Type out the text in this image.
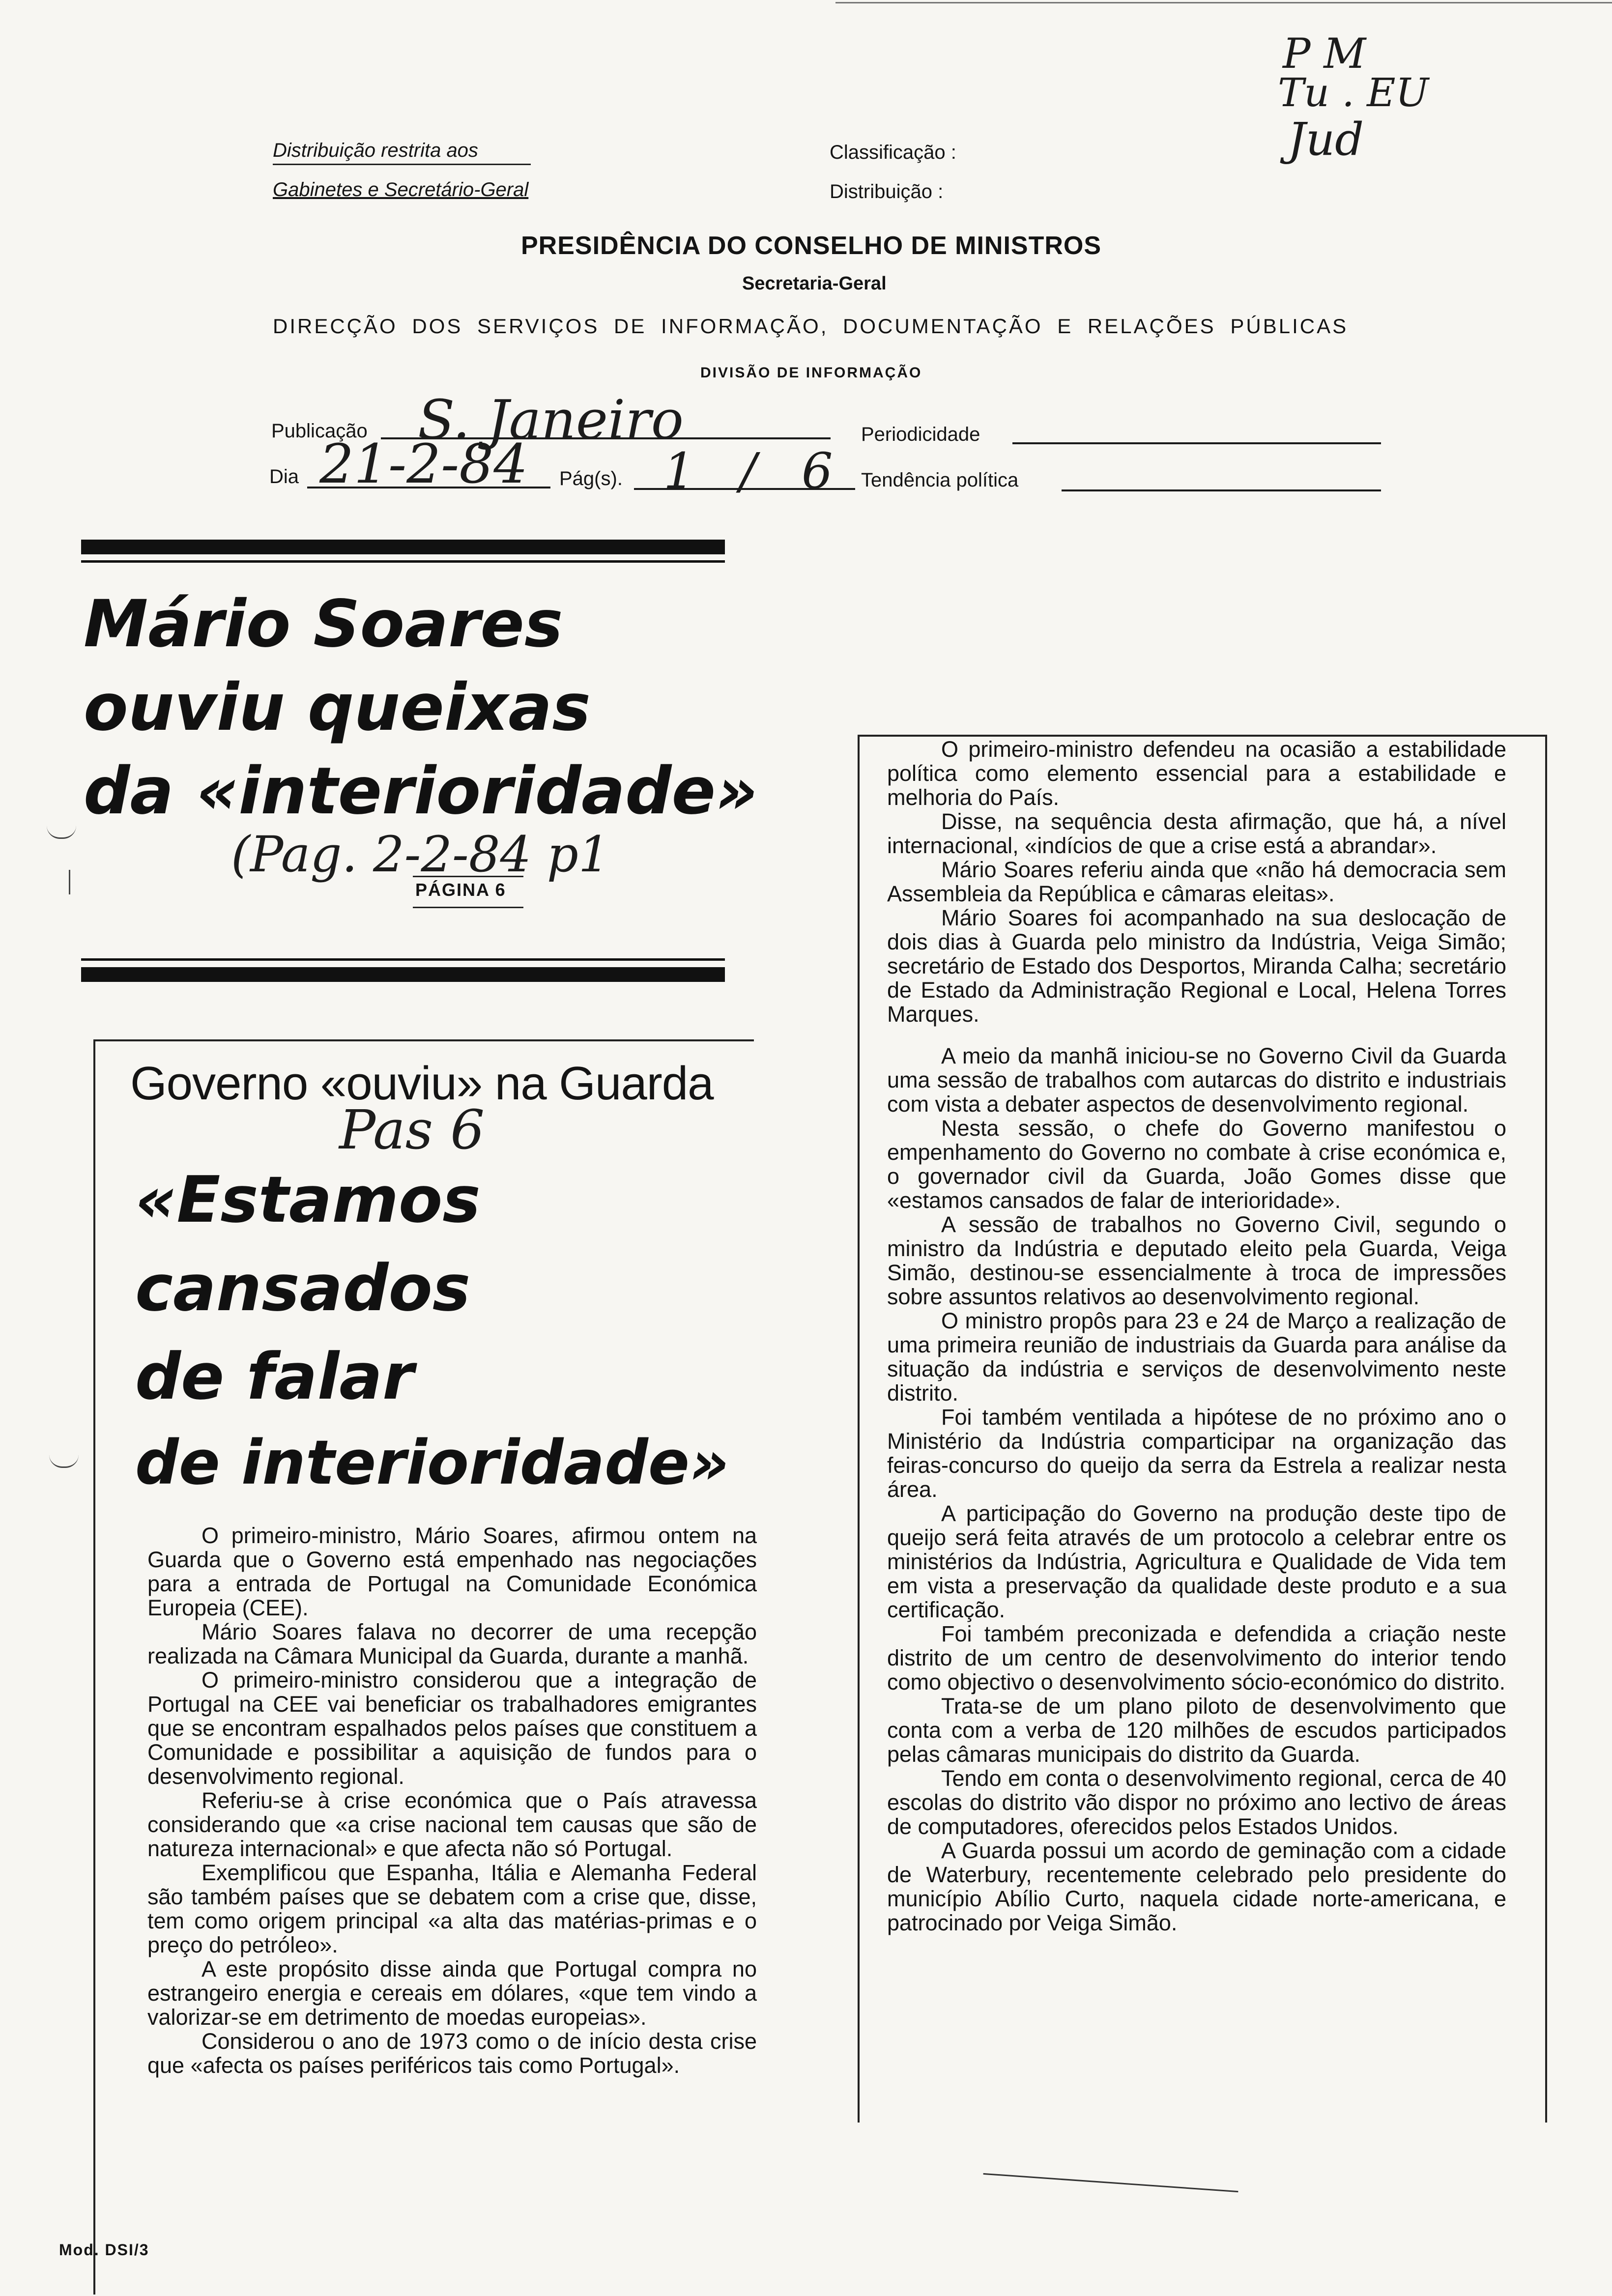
P M
Tu . EU
Jud
Distribuição restrita aos
Gabinetes e Secretário-Geral
Classificação :
Distribuição :
PRESIDÊNCIA DO CONSELHO DE MINISTROS
Secretaria-Geral
DIRECÇÃO DOS SERVIÇOS DE INFORMAÇÃO, DOCUMENTAÇÃO E RELAÇÕES PÚBLICAS
DIVISÃO DE INFORMAÇÃO
Publicação S. Janeiro	Periodicidade
Dia 21-2-84 Pág(s). 1 / 6 Tendência política
Mário Soares
ouviu queixas
da «interioridade»
(Pag. 2-2-84 p1
PÁGINA 6
Governo «ouviu» na Guarda
Pas 6
«Estamos
cansados
de falar
de interioridade»

O primeiro-ministro, Mário Soares, afirmou ontem na Guarda que o Governo está empenhado nas negociações para a entrada de Portugal na Comunidade Económica Europeia (CEE).

Mário Soares falava no decorrer de uma recepção realizada na Câmara Municipal da Guarda, durante a manhã.

O primeiro-ministro considerou que a integração de Portugal na CEE vai beneficiar os trabalhadores emigrantes que se encontram espalhados pelos países que constituem a Comunidade e possibilitar a aquisição de fundos para o desenvolvimento regional.

Referiu-se à crise económica que o País atravessa considerando que «a crise nacional tem causas que são de natureza internacional» e que afecta não só Portugal.

Exemplificou que Espanha, Itália e Alemanha Federal são também países que se debatem com a crise que, disse, tem como origem principal «a alta das matérias-primas e o preço do petróleo».

A este propósito disse ainda que Portugal compra no estrangeiro energia e cereais em dólares, «que tem vindo a valorizar-se em detrimento de moedas europeias».

Considerou o ano de 1973 como o de início desta crise que «afecta os países periféricos tais como Portugal».

O primeiro-ministro defendeu na ocasião a estabilidade política como elemento essencial para a estabilidade e melhoria do País.

Disse, na sequência desta afirmação, que há, a nível internacional, «indícios de que a crise está a abrandar».

Mário Soares referiu ainda que «não há democracia sem Assembleia da República e câmaras eleitas».

Mário Soares foi acompanhado na sua deslocação de dois dias à Guarda pelo ministro da Indústria, Veiga Simão; secretário de Estado dos Desportos, Miranda Calha; secretário de Estado da Administração Regional e Local, Helena Torres Marques.

A meio da manhã iniciou-se no Governo Civil da Guarda uma sessão de trabalhos com autarcas do distrito e industriais com vista a debater aspectos de desenvolvimento regional.

Nesta sessão, o chefe do Governo manifestou o empenhamento do Governo no combate à crise económica e, o governador civil da Guarda, João Gomes disse que «estamos cansados de falar de interioridade».

A sessão de trabalhos no Governo Civil, segundo o ministro da Indústria e deputado eleito pela Guarda, Veiga Simão, destinou-se essencialmente à troca de impressões sobre assuntos relativos ao desenvolvimento regional.

O ministro propôs para 23 e 24 de Março a realização de uma primeira reunião de industriais da Guarda para análise da situação da indústria e serviços de desenvolvimento neste distrito.

Foi também ventilada a hipótese de no próximo ano o Ministério da Indústria comparticipar na organização das feiras-concurso do queijo da serra da Estrela a realizar nesta área.

A participação do Governo na produção deste tipo de queijo será feita através de um protocolo a celebrar entre os ministérios da Indústria, Agricultura e Qualidade de Vida tem em vista a preservação da qualidade deste produto e a sua certificação.

Foi também preconizada e defendida a criação neste distrito de um centro de desenvolvimento do interior tendo como objectivo o desenvolvimento sócio-económico do distrito.

Trata-se de um plano piloto de desenvolvimento que conta com a verba de 120 milhões de escudos participados pelas câmaras municipais do distrito da Guarda.

Tendo em conta o desenvolvimento regional, cerca de 40 escolas do distrito vão dispor no próximo ano lectivo de áreas de computadores, oferecidos pelos Estados Unidos.

A Guarda possui um acordo de geminação com a cidade de Waterbury, recentemente celebrado pelo presidente do município Abílio Curto, naquela cidade norte-americana, e patrocinado por Veiga Simão.

Mod. DSI/3
